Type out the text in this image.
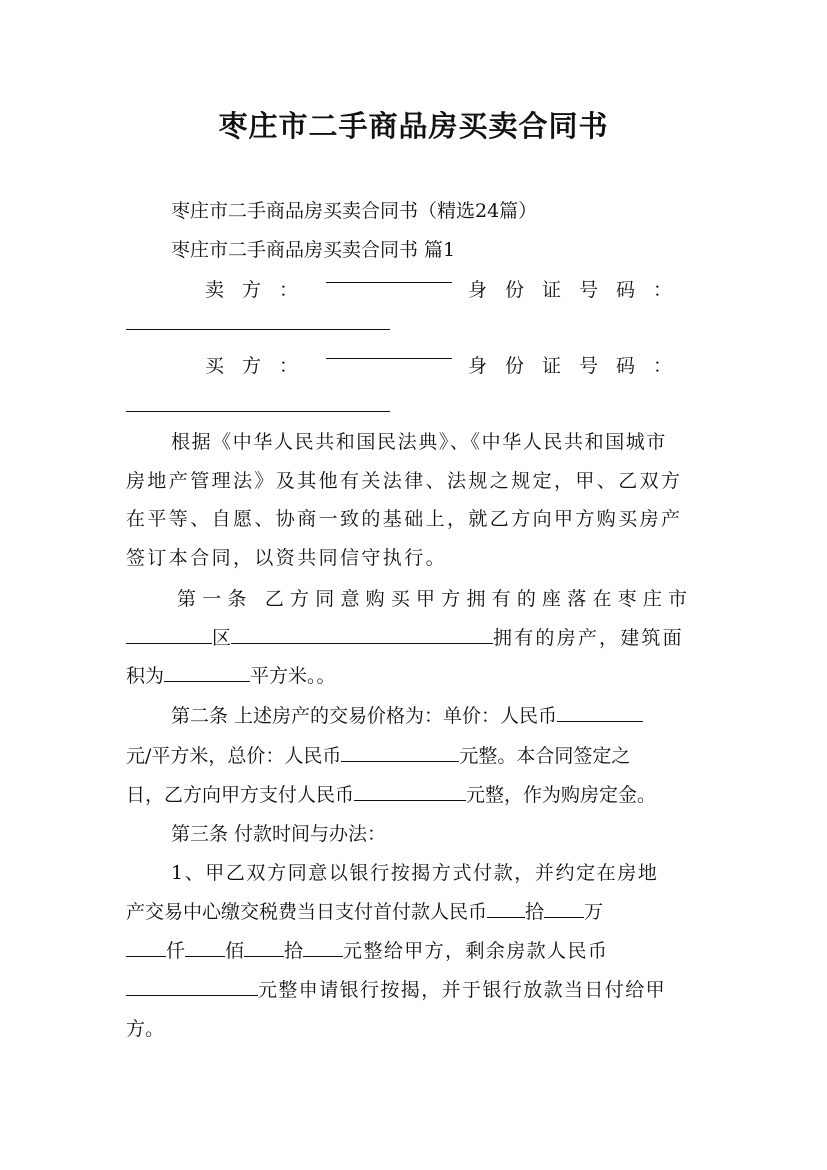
枣庄市二手商品房买卖合同书
枣庄市二手商品房买卖合同书（精选24篇）
枣庄市二手商品房买卖合同书 篇1
卖方：	身份证号码：
买方：	身份证号码：
根据《中华人民共和国民法典》、《中华人民共和国城市
房地产管理法》及其他有关法律、法规之规定，甲、乙双方
在平等、自愿、协商一致的基础上，就乙方向甲方购买房产
签订本合同，以资共同信守执行。
第一条 乙方同意购买甲方拥有的座落在枣庄市
区	拥有的房产，建筑面
积为	平方米。。
第二条 上述房产的交易价格为：单价：人民币
元/平方米，总价：人民币	元整。本合同签定之
日，乙方向甲方支付人民币	元整，作为购房定金。
第三条 付款时间与办法：
1、甲乙双方同意以银行按揭方式付款，并约定在房地
产交易中心缴交税费当日支付首付款人民币 拾 万
仟 佰 拾 元整给甲方，剩余房款人民币
元整申请银行按揭，并于银行放款当日付给甲
方。
